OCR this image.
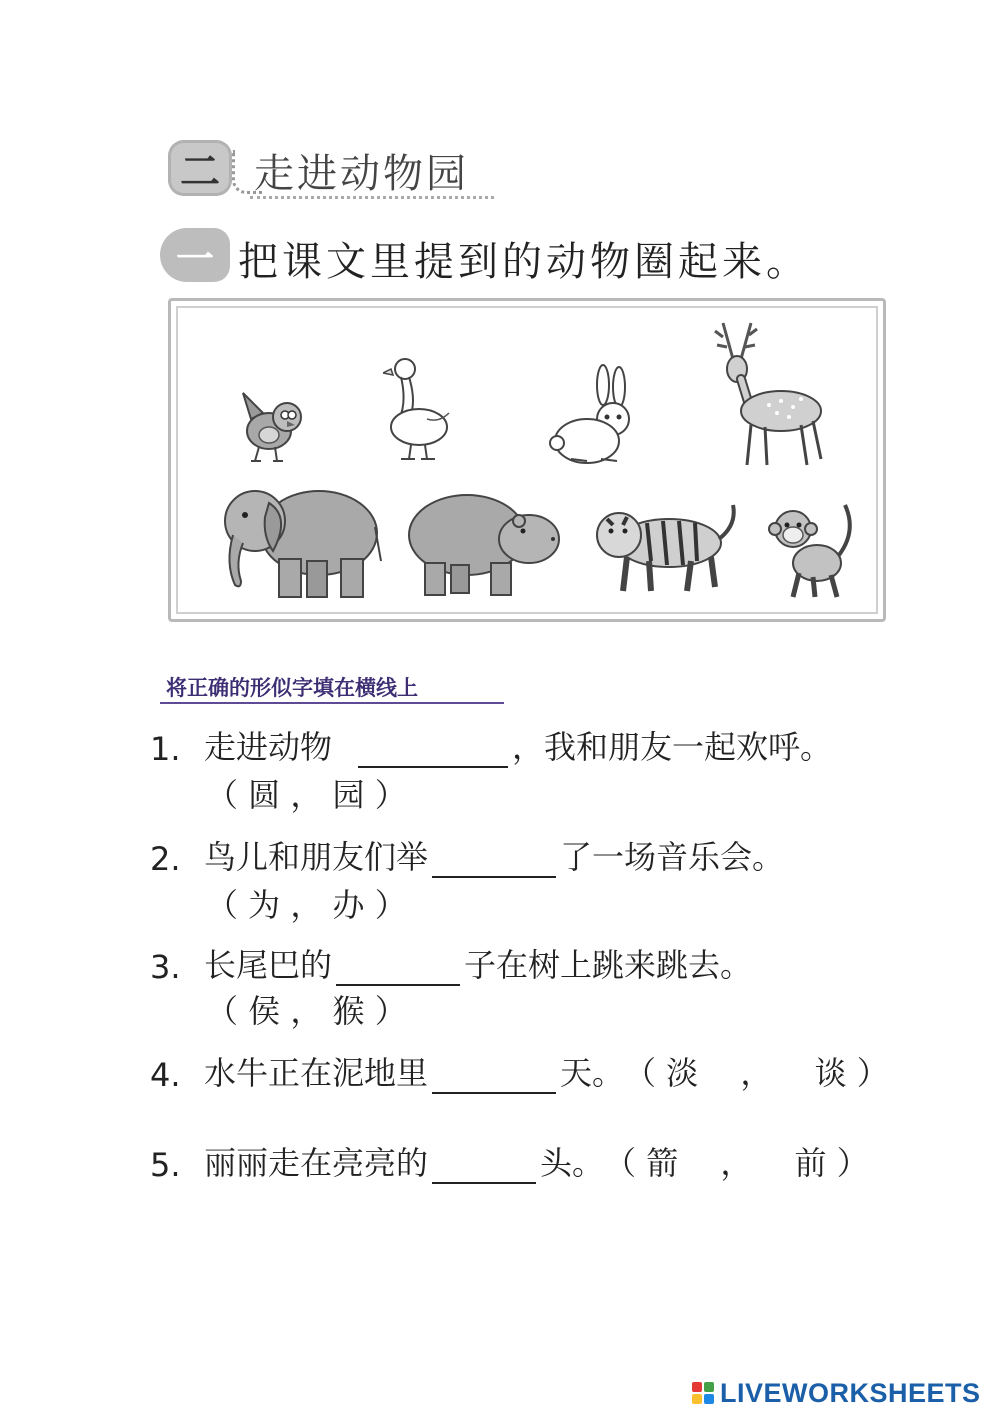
二 走进动物园
一 把课文里提到的动物圈起来。
将正确的形似字填在横线上
1. 走进动物	，我和朋友一起欢呼。
（ 圆 ， 园 ）
2. 鸟儿和朋友们举	了一场音乐会。
（ 为 ， 办 ）
3. 长尾巴的	子在树上跳来跳去。
（ 侯 ， 猴 ）
4. 水牛正在泥地里	天。 （ 淡 　， 　谈 ）
5. 丽丽走在亮亮的	头。 （ 箭 　， 　前 ）
LIVEWORKSHEETS
